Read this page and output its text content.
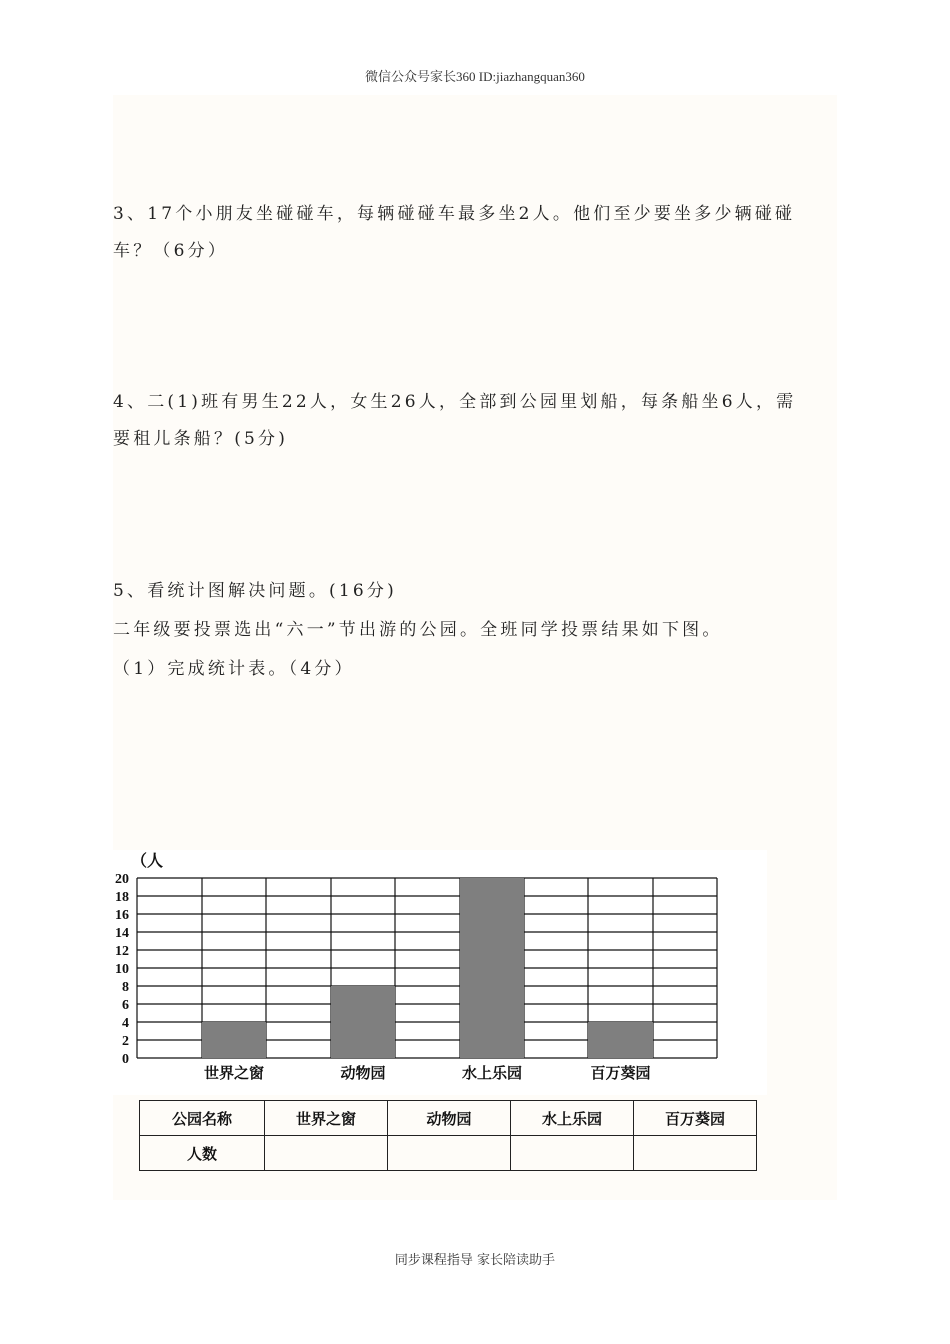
微信公众号家长360 ID:jiazhangquan360
3、17个小朋友坐碰碰车，每辆碰碰车最多坐2人。他们至少要坐多少辆碰碰
车？（6分）
4、二(1)班有男生22人，女生26人，全部到公园里划船，每条船坐6人，需
要租儿条船？(5分)
5、看统计图解决问题。(16分)
二年级要投票选出“六一”节出游的公园。全班同学投票结果如下图。
（1）完成统计表。（4分）
（人
0
2
4
6
8
10
12
14
16
18
20
世界之窗	动物园	水上乐园	百万葵园
公园名称	世界之窗	动物园	水上乐园	百万葵园
人数				
同步课程指导 家长陪读助手
